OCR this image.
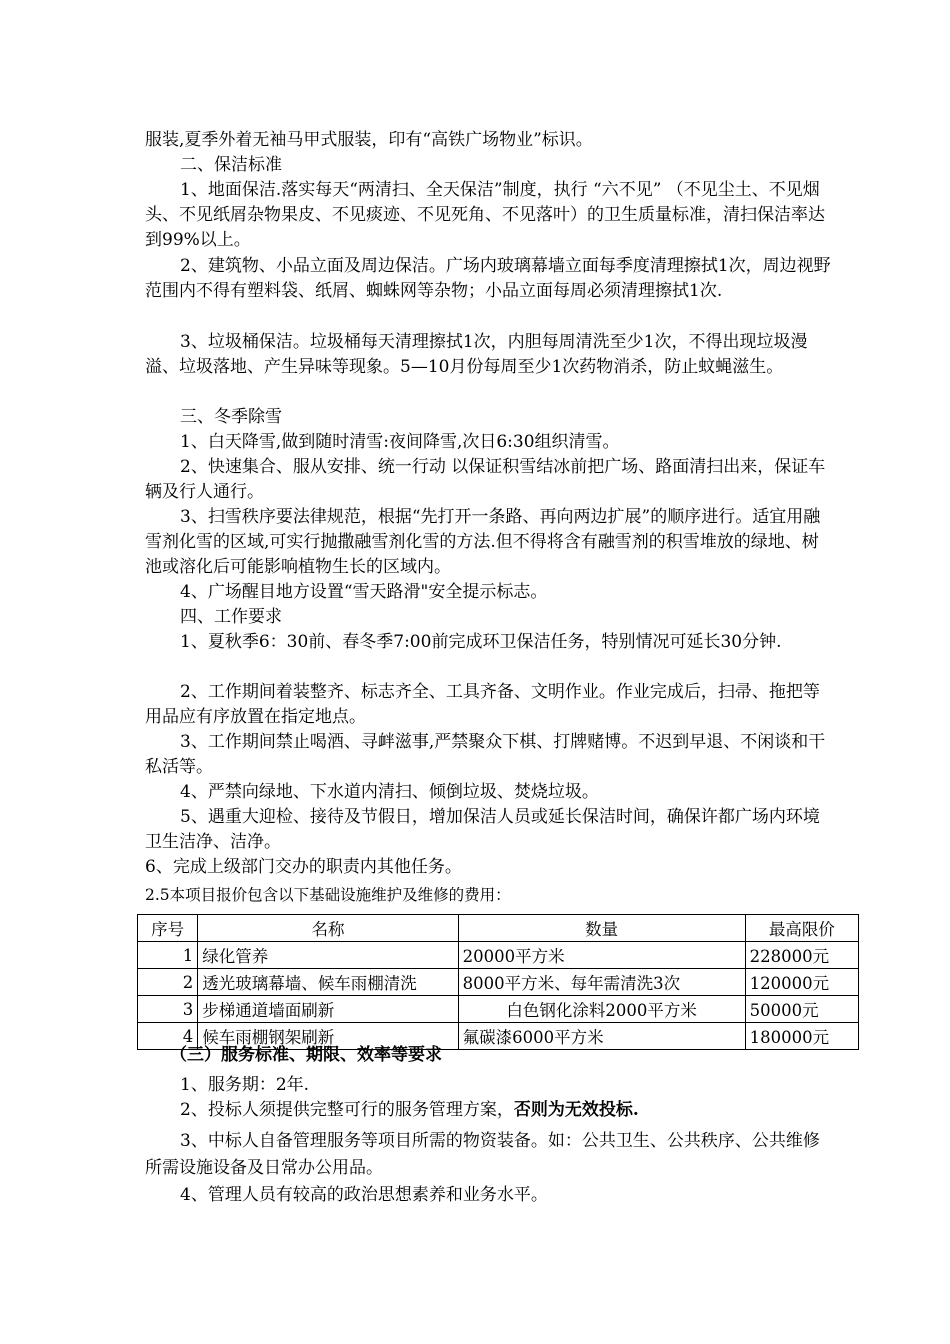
服装,夏季外着无袖马甲式服装，印有“高铁广场物业”标识。

二、保洁标准

1、地面保洁.落实每天“两清扫、全天保洁”制度，执行 “六不见” （不见尘土、不见烟头、不见纸屑杂物果皮、不见痰迹、不见死角、不见落叶）的卫生质量标准，清扫保洁率达到99%以上。

2、建筑物、小品立面及周边保洁。广场内玻璃幕墙立面每季度清理擦拭1次，周边视野范围内不得有塑料袋、纸屑、蜘蛛网等杂物；小品立面每周必须清理擦拭1次.

3、垃圾桶保洁。垃圾桶每天清理擦拭1次，内胆每周清洗至少1次，不得出现垃圾漫溢、垃圾落地、产生异味等现象。5—10月份每周至少1次药物消杀，防止蚊蝇滋生。

三、冬季除雪

1、白天降雪,做到随时清雪:夜间降雪,次日6:30组织清雪。

2、快速集合、服从安排、统一行动 以保证积雪结冰前把广场、路面清扫出来，保证车辆及行人通行。

3、扫雪秩序要法律规范，根据“先打开一条路、再向两边扩展”的顺序进行。适宜用融雪剂化雪的区域,可实行抛撒融雪剂化雪的方法.但不得将含有融雪剂的积雪堆放的绿地、树池或溶化后可能影响植物生长的区域内。

4、广场醒目地方设置“雪天路滑"安全提示标志。

四、工作要求

1、夏秋季6：30前、春冬季7:00前完成环卫保洁任务，特别情况可延长30分钟.

2、工作期间着装整齐、标志齐全、工具齐备、文明作业。作业完成后，扫帚、拖把等用品应有序放置在指定地点。

3、工作期间禁止喝酒、寻衅滋事,严禁聚众下棋、打牌赌博。不迟到早退、不闲谈和干私活等。

4、严禁向绿地、下水道内清扫、倾倒垃圾、焚烧垃圾。

5、遇重大迎检、接待及节假日，增加保洁人员或延长保洁时间，确保许都广场内环境卫生洁净、洁净。

6、完成上级部门交办的职责内其他任务。

2.5本项目报价包含以下基础设施维护及维修的费用：

序号	名称	数量	最高限价
1	绿化管养	20000平方米	228000元
2	透光玻璃幕墙、候车雨棚清洗	8000平方米、每年需清洗3次	120000元
3	步梯通道墙面刷新	白色钢化涂料2000平方米	50000元
4	候车雨棚钢架刷新	氟碳漆6000平方米	180000元

（三）服务标准、期限、效率等要求

1、服务期：2年.

2、投标人须提供完整可行的服务管理方案，否则为无效投标.

3、中标人自备管理服务等项目所需的物资装备。如：公共卫生、公共秩序、公共维修所需设施设备及日常办公用品。

4、管理人员有较高的政治思想素养和业务水平。
